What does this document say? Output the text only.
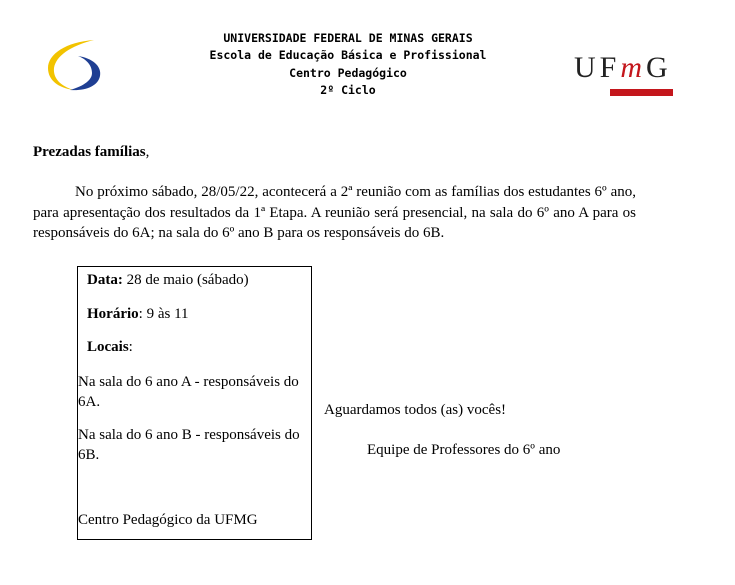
UNIVERSIDADE FEDERAL DE MINAS GERAIS
Escola de Educação Básica e Profissional
Centro Pedagógico
2º Ciclo
UFmG
Prezadas famílias,
No próximo sábado, 28/05/22, acontecerá a 2ª reunião com as famílias dos estudantes 6º ano, para apresentação dos resultados da 1ª Etapa. A reunião será presencial, na sala do 6º ano A para os responsáveis do 6A; na sala do 6º ano B para os responsáveis do 6B.
Data: 28 de maio (sábado)
Horário: 9 às 11
Locais:
Na sala do 6 ano A - responsáveis do 6A.
Na sala do 6 ano B - responsáveis do 6B.
Centro Pedagógico da UFMG
Aguardamos todos (as) vocês!
Equipe de Professores do 6º ano
